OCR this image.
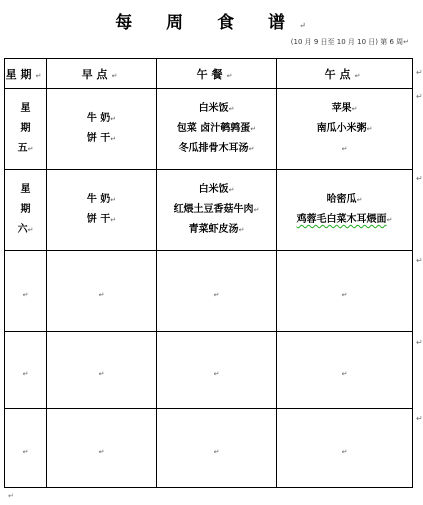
每 周 食 谱↵
(10 月 9 日至 10 月 10 日) 第 6 周↵
星期↵	早点↵	午餐↵	午点↵

星
期
五↵	牛 奶↵
饼 干↵	白米饭↵
包菜 卤汁鹌鹑蛋↵
冬瓜排骨木耳汤↵	苹果↵
南瓜小米粥↵
↵

星
期
六↵	牛 奶↵
饼 干↵	白米饭↵
红煨土豆香菇牛肉↵
青菜虾皮汤↵	哈密瓜↵
鸡蓉毛白菜木耳煨面↵

↵	↵	↵	↵
↵	↵	↵	↵
↵	↵	↵	↵
↵
↵
↵
↵
↵
↵
↵
